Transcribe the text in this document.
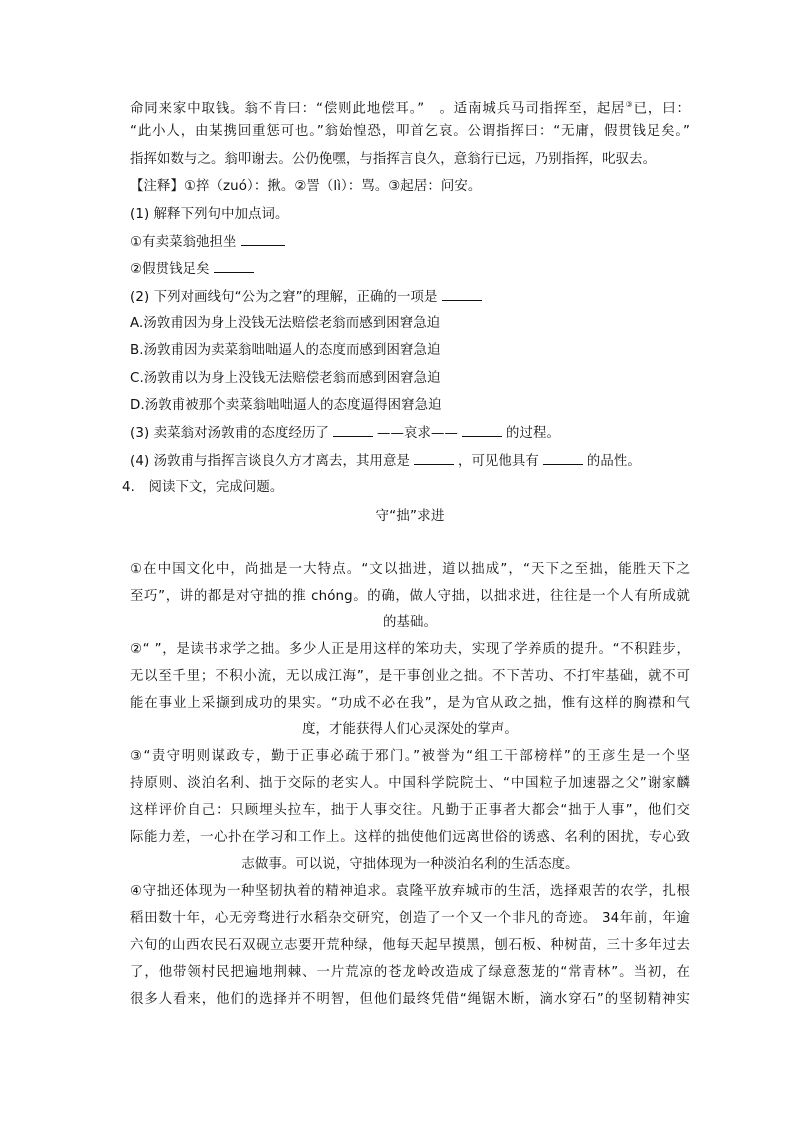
命同来家中取钱。翁不肯曰：“偿则此地偿耳。”　。适南城兵马司指挥至，起居③已，曰：
“此小人，由某携回重惩可也。”翁始惶恐，叩首乞哀。公谓指挥曰：“无庸，假贯钱足矣。”
指挥如数与之。翁叩谢去。公仍俛嘿，与指挥言良久，意翁行已远，乃别指挥，叱驭去。
【注释】①捽（zuó）：揪。②詈（lì）：骂。③起居：问安。
(1) 解释下列句中加点词。
①有卖菜翁弛担坐
②假贯钱足矣
(2) 下列对画线句“公为之窘”的理解，正确的一项是
A.汤敦甫因为身上没钱无法赔偿老翁而感到困窘急迫
B.汤敦甫因为卖菜翁咄咄逼人的态度而感到困窘急迫
C.汤敦甫以为身上没钱无法赔偿老翁而感到困窘急迫
D.汤敦甫被那个卖菜翁咄咄逼人的态度逼得困窘急迫
(3) 卖菜翁对汤敦甫的态度经历了	——哀求——	的过程。
(4) 汤敦甫与指挥言谈良久方才离去，其用意是	，可见他具有	的品性。
4.　阅读下文，完成问题。
守“拙”求进
①在中国文化中，尚拙是一大特点。“文以拙进，道以拙成”，“天下之至拙，能胜天下之
至巧”，讲的都是对守拙的推 chóng。的确，做人守拙，以拙求进，往往是一个人有所成就
的基础。
②“ ”，是读书求学之拙。多少人正是用这样的笨功夫，实现了学养质的提升。“不积跬步，
无以至千里；不积小流，无以成江海”，是干事创业之拙。不下苦功、不打牢基础，就不可
能在事业上采撷到成功的果实。“功成不必在我”，是为官从政之拙，惟有这样的胸襟和气
度，才能获得人们心灵深处的掌声。
③“责守明则谋政专，勤于正事必疏于邪门。”被誉为“组工干部榜样”的王彦生是一个坚
持原则、淡泊名利、拙于交际的老实人。中国科学院院士、“中国粒子加速器之父”谢家麟
这样评价自己：只顾埋头拉车，拙于人事交往。凡勤于正事者大都会“拙于人事”，他们交
际能力差，一心扑在学习和工作上。这样的拙使他们远离世俗的诱惑、名利的困扰，专心致
志做事。可以说，守拙体现为一种淡泊名利的生活态度。
④守拙还体现为一种坚韧执着的精神追求。袁隆平放弃城市的生活，选择艰苦的农学，扎根
稻田数十年，心无旁骛进行水稻杂交研究，创造了一个又一个非凡的奇迹。 34年前，年逾
六旬的山西农民石双砚立志要开荒种绿，他每天起早摸黑，刨石板、种树苗，三十多年过去
了，他带领村民把遍地荆棘、一片荒凉的苍龙岭改造成了绿意葱茏的“常青林”。当初，在
很多人看来，他们的选择并不明智，但他们最终凭借“绳锯木断，滴水穿石”的坚韧精神实
